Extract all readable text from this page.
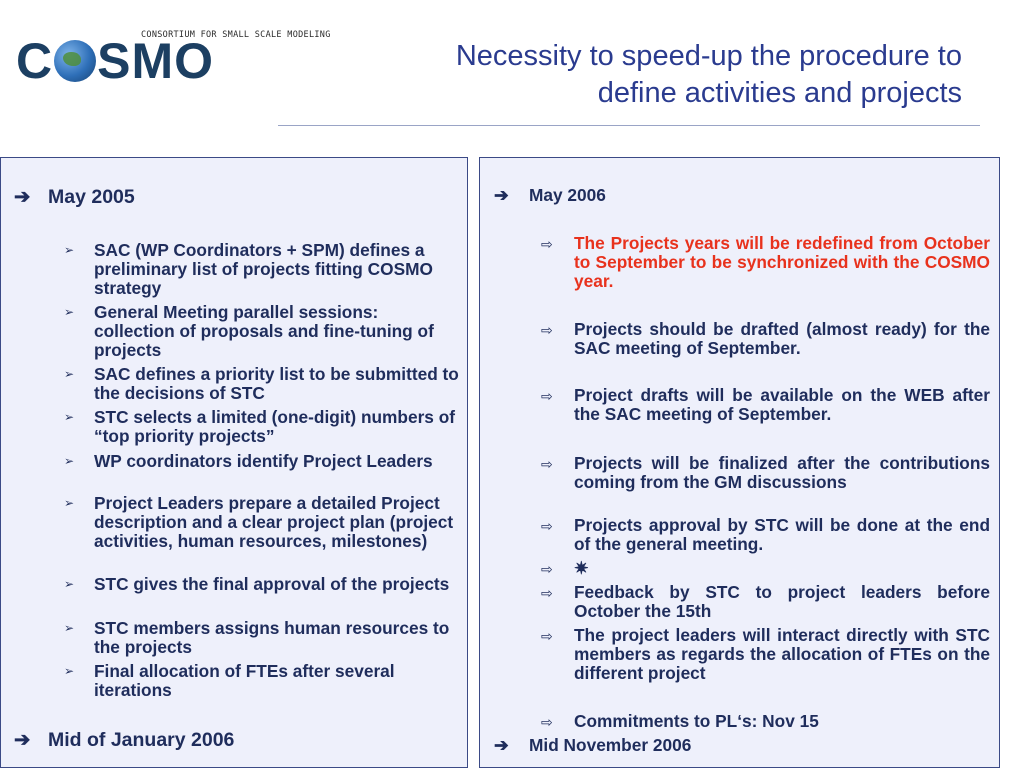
CONSORTIUM FOR SMALL SCALE MODELING
C SMO	Necessity to speed-up the procedure to
define activities and projects
➔ May 2005
➢ SAC (WP Coordinators + SPM) defines a preliminary list of projects fitting COSMO strategy
➢ General Meeting parallel sessions: collection of proposals and fine-tuning of projects
➢ SAC defines a priority list to be submitted to the decisions of STC
➢ STC selects a limited (one-digit) numbers of “top priority projects”
➢ WP coordinators identify Project Leaders
➢ Project Leaders prepare a detailed Project description and a clear project plan (project activities, human resources, milestones)
➢ STC gives the final approval of the projects
➢ STC members assigns human resources to the projects
➢ Final allocation of FTEs after several iterations
➔ Mid of January 2006
➔ May 2006
⇨ The Projects years will be redefined from October to September to be synchronized with the COSMO year.
⇨ Projects should be drafted (almost ready) for the SAC meeting of September.
⇨ Project drafts will be available on the WEB after the SAC meeting of September.
⇨ Projects will be finalized after the contributions coming from the GM discussions
⇨ Projects approval by STC will be done at the end of the general meeting.
⇨ ✷
⇨ Feedback by STC to project leaders before October the 15th
⇨ The project leaders will interact directly with STC members as regards the allocation of FTEs on the different project
⇨ Commitments to PL‘s: Nov 15
➔ Mid November 2006
